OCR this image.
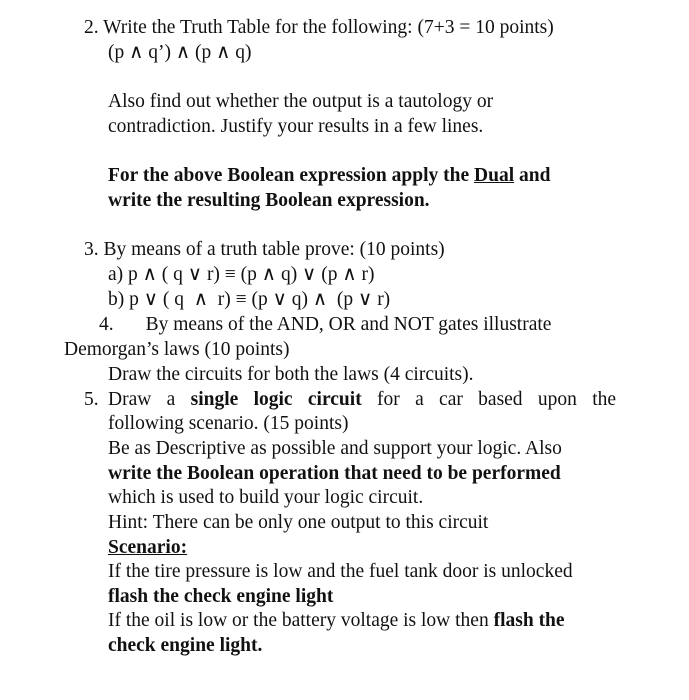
2. Write the Truth Table for the following: (7+3 = 10 points)
(p ∧ q’) ∧ (p ∧ q)
Also find out whether the output is a tautology or
contradiction. Justify your results in a few lines.
For the above Boolean expression apply the Dual and
write the resulting Boolean expression.
3. By means of a truth table prove: (10 points)
a) p ∧ ( q ∨ r) ≡ (p ∧ q) ∨ (p ∧ r)
b) p ∨ ( q  ∧  r) ≡ (p ∨ q) ∧  (p ∨ r)
4. By means of the AND, OR and NOT gates illustrate
Demorgan’s laws (10 points)
Draw the circuits for both the laws (4 circuits).
5. Draw a single logic circuit for a car based upon the
following scenario. (15 points)
Be as Descriptive as possible and support your logic. Also
write the Boolean operation that need to be performed
which is used to build your logic circuit.
Hint: There can be only one output to this circuit
Scenario:
If the tire pressure is low and the fuel tank door is unlocked
flash the check engine light
If the oil is low or the battery voltage is low then flash the
check engine light.
